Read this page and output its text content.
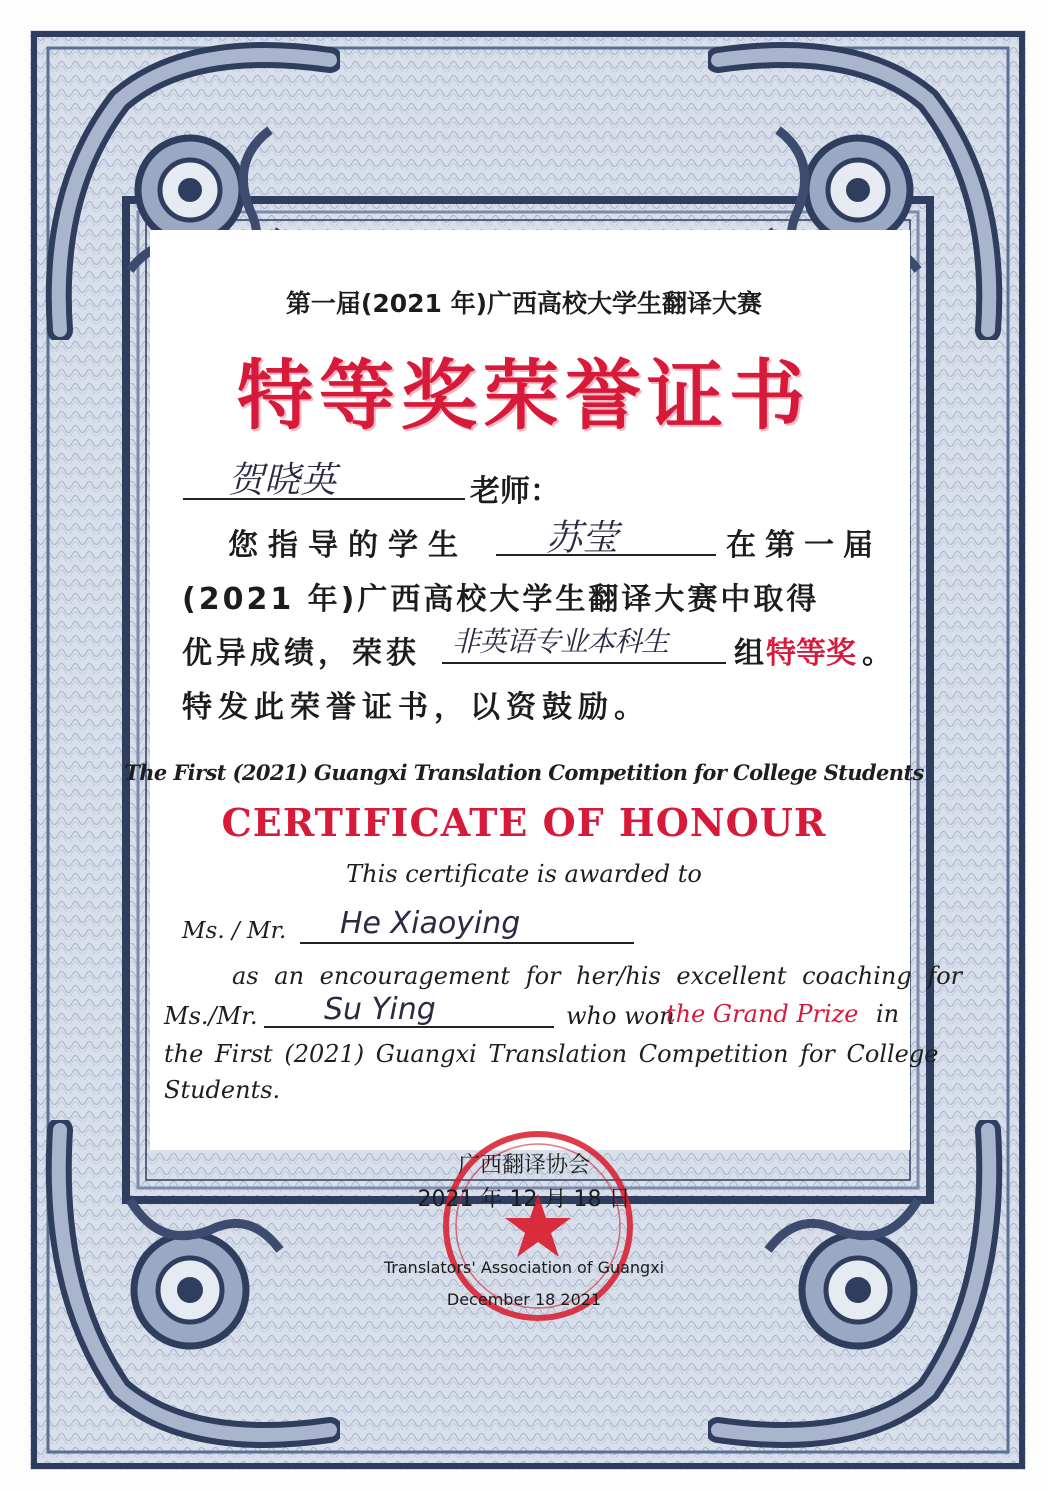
第一届(2021 年)广西高校大学生翻译大赛
特等奖荣誉证书
贺晓英	老师：
您指导的学生 苏莹	在第一届
(2021 年)广西高校大学生翻译大赛中取得
优异成绩，荣获 非英语专业本科生 组 特等奖 。
特发此荣誉证书，以资鼓励。
The First (2021) Guangxi Translation Competition for College Students
CERTIFICATE OF HONOUR
This certificate is awarded to
Ms. / Mr. He Xiaoying
as an encouragement for her/his excellent coaching for
Ms./Mr. Su Ying	who won
the Grand Prize in
the First (2021) Guangxi Translation Competition for College
Students.
广西翻译协会
2021 年 12 月 18 日
Translators' Association of Guangxi
December 18 2021
